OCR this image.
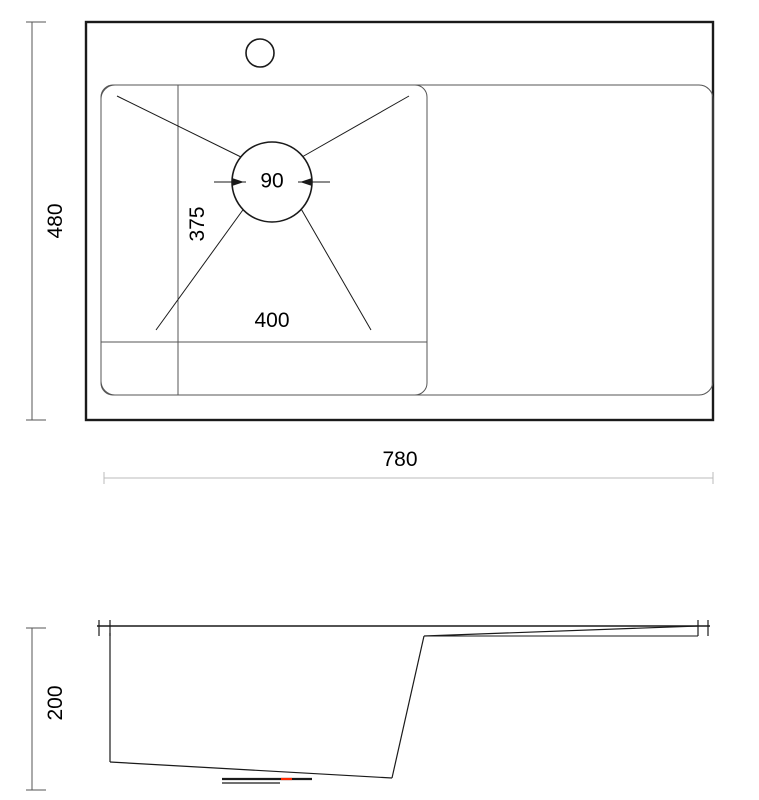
90
400
375
480
780
200
